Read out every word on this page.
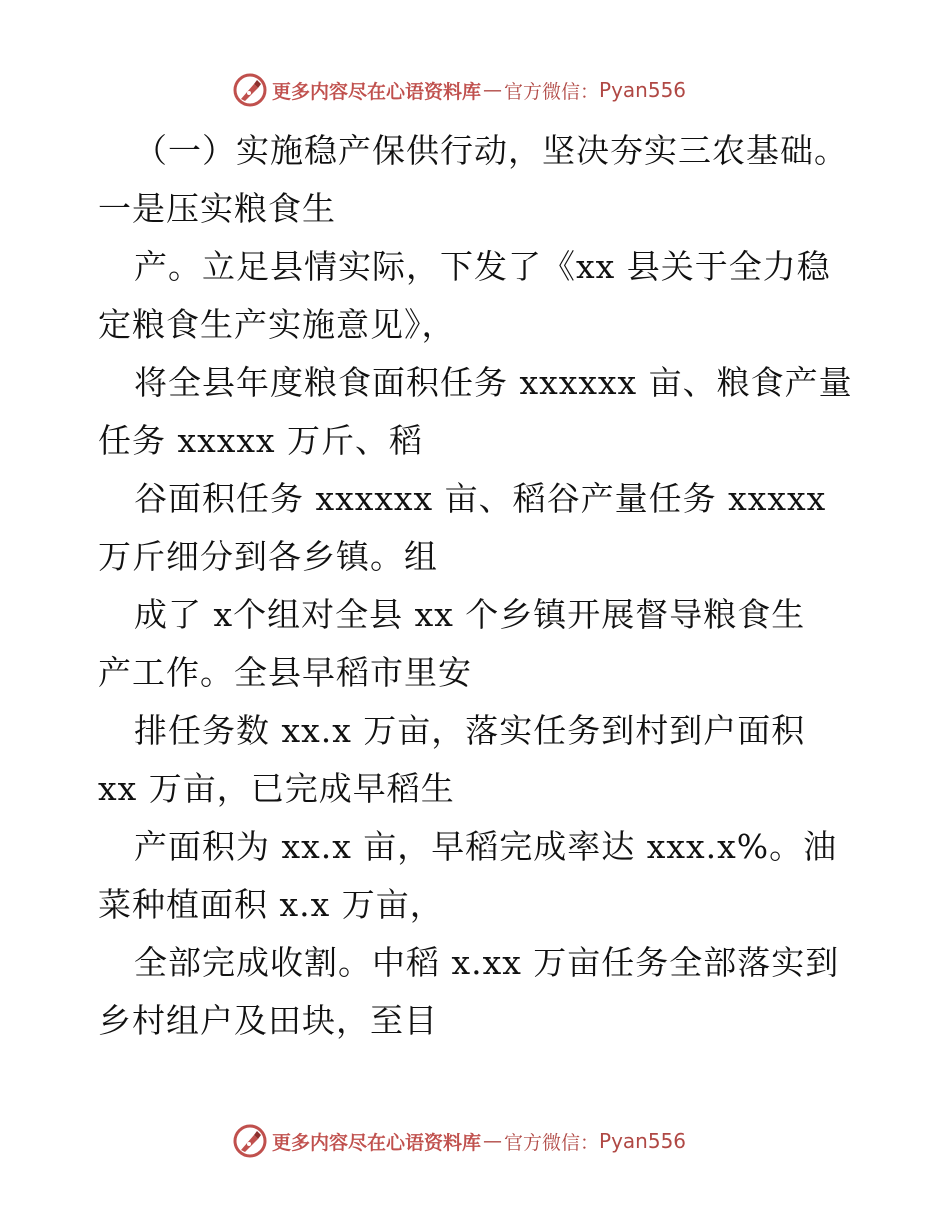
更多内容尽在心语资料库 — 官方微信： Pyan556
（一）实施稳产保供行动，坚决夯实三农基础。
一是压实粮食生
产。立足县情实际，下发了《xx 县关于全力稳
定粮食生产实施意见》，
将全县年度粮食面积任务 xxxxxx 亩、粮食产量
任务 xxxxx 万斤、稻
谷面积任务 xxxxxx 亩、稻谷产量任务 xxxxx
万斤细分到各乡镇。组
成了 x个组对全县 xx 个乡镇开展督导粮食生
产工作。全县早稻市里安
排任务数 xx.x 万亩，落实任务到村到户面积
xx 万亩，已完成早稻生
产面积为 xx.x 亩，早稻完成率达 xxx.x%。油
菜种植面积 x.x 万亩，
全部完成收割。中稻 x.xx 万亩任务全部落实到
乡村组户及田块，至目
更多内容尽在心语资料库 — 官方微信： Pyan556
